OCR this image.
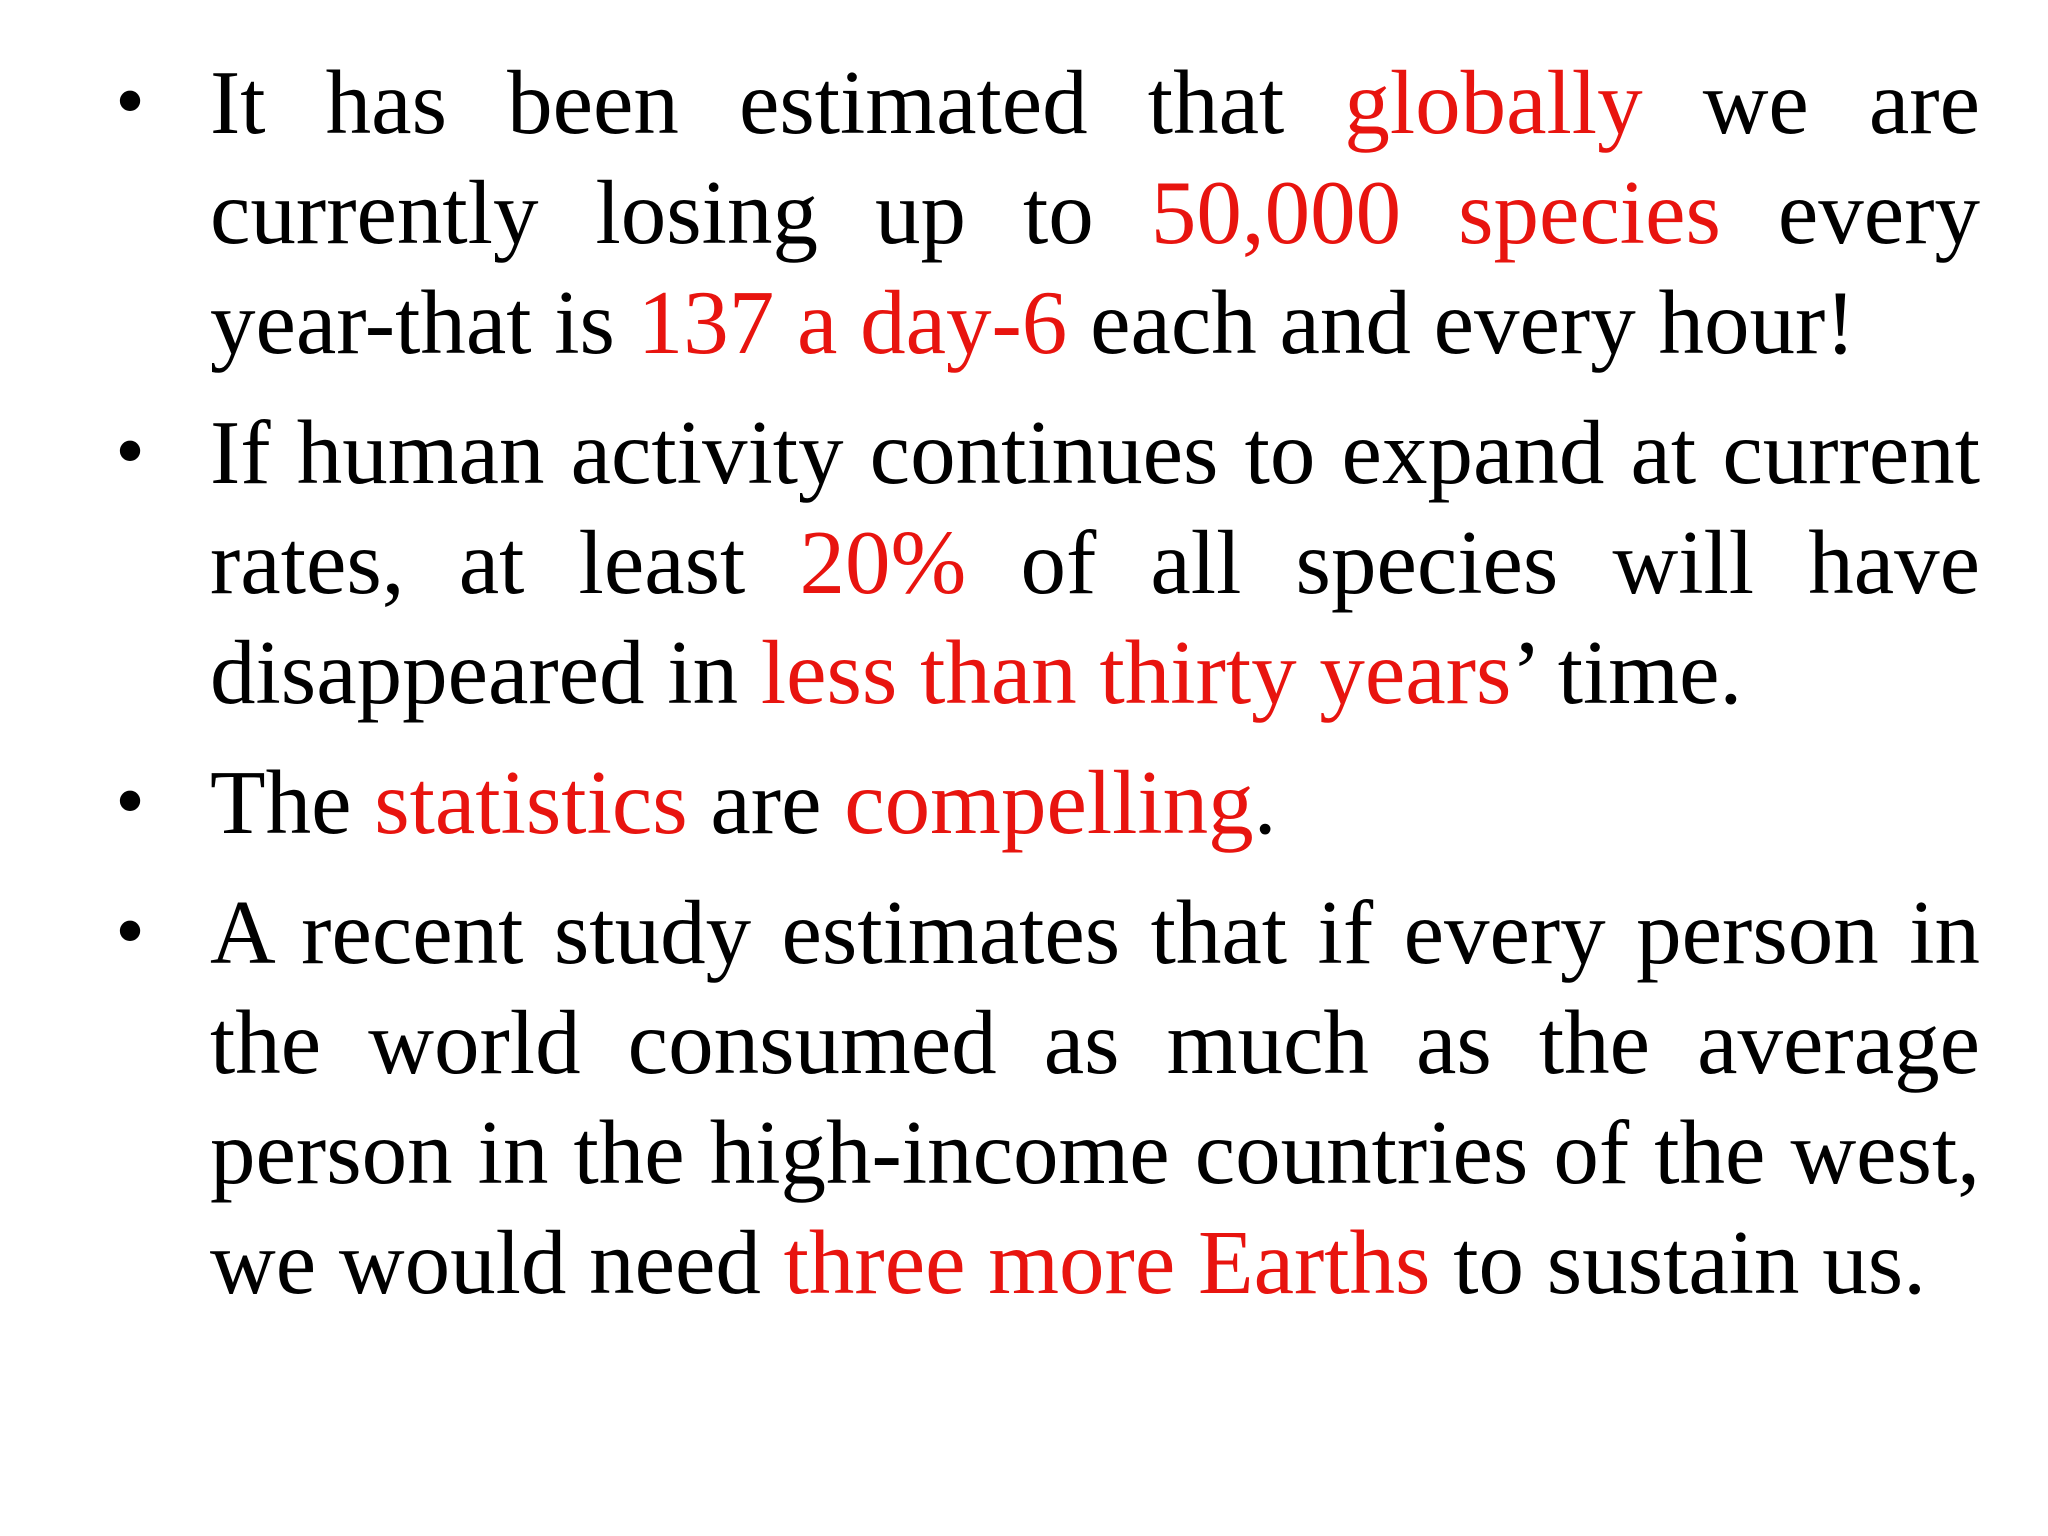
• It has been estimated that globally we are currently losing up to 50,000 species every year-that is 137 a day-6 each and every hour!
• If human activity continues to expand at current rates, at least 20% of all species will have disappeared in less than thirty years’ time.
• The statistics are compelling.
• A recent study estimates that if every person in the world consumed as much as the average person in the high-income countries of the west, we would need three more Earths to sustain us.
